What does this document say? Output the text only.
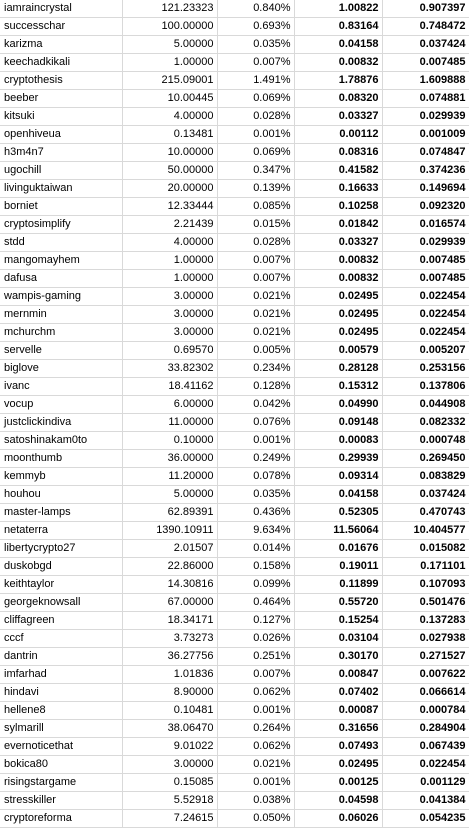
iamraincrystal	121.23323	0.840%	1.00822	0.907397
successchar	100.00000	0.693%	0.83164	0.748472
karizma	5.00000	0.035%	0.04158	0.037424
keechadkikali	1.00000	0.007%	0.00832	0.007485
cryptothesis	215.09001	1.491%	1.78876	1.609888
beeber	10.00445	0.069%	0.08320	0.074881
kitsuki	4.00000	0.028%	0.03327	0.029939
openhiveua	0.13481	0.001%	0.00112	0.001009
h3m4n7	10.00000	0.069%	0.08316	0.074847
ugochill	50.00000	0.347%	0.41582	0.374236
livinguktaiwan	20.00000	0.139%	0.16633	0.149694
borniet	12.33444	0.085%	0.10258	0.092320
cryptosimplify	2.21439	0.015%	0.01842	0.016574
stdd	4.00000	0.028%	0.03327	0.029939
mangomayhem	1.00000	0.007%	0.00832	0.007485
dafusa	1.00000	0.007%	0.00832	0.007485
wampis-gaming	3.00000	0.021%	0.02495	0.022454
mernmin	3.00000	0.021%	0.02495	0.022454
mchurchm	3.00000	0.021%	0.02495	0.022454
servelle	0.69570	0.005%	0.00579	0.005207
biglove	33.82302	0.234%	0.28128	0.253156
ivanc	18.41162	0.128%	0.15312	0.137806
vocup	6.00000	0.042%	0.04990	0.044908
justclickindiva	11.00000	0.076%	0.09148	0.082332
satoshinakam0to	0.10000	0.001%	0.00083	0.000748
moonthumb	36.00000	0.249%	0.29939	0.269450
kemmyb	11.20000	0.078%	0.09314	0.083829
houhou	5.00000	0.035%	0.04158	0.037424
master-lamps	62.89391	0.436%	0.52305	0.470743
netaterra	1390.10911	9.634%	11.56064	10.404577
libertycrypto27	2.01507	0.014%	0.01676	0.015082
duskobgd	22.86000	0.158%	0.19011	0.171101
keithtaylor	14.30816	0.099%	0.11899	0.107093
georgeknowsall	67.00000	0.464%	0.55720	0.501476
cliffagreen	18.34171	0.127%	0.15254	0.137283
cccf	3.73273	0.026%	0.03104	0.027938
dantrin	36.27756	0.251%	0.30170	0.271527
imfarhad	1.01836	0.007%	0.00847	0.007622
hindavi	8.90000	0.062%	0.07402	0.066614
hellene8	0.10481	0.001%	0.00087	0.000784
sylmarill	38.06470	0.264%	0.31656	0.284904
evernoticethat	9.01022	0.062%	0.07493	0.067439
bokica80	3.00000	0.021%	0.02495	0.022454
risingstargame	0.15085	0.001%	0.00125	0.001129
stresskiller	5.52918	0.038%	0.04598	0.041384
cryptoreforma	7.24615	0.050%	0.06026	0.054235
